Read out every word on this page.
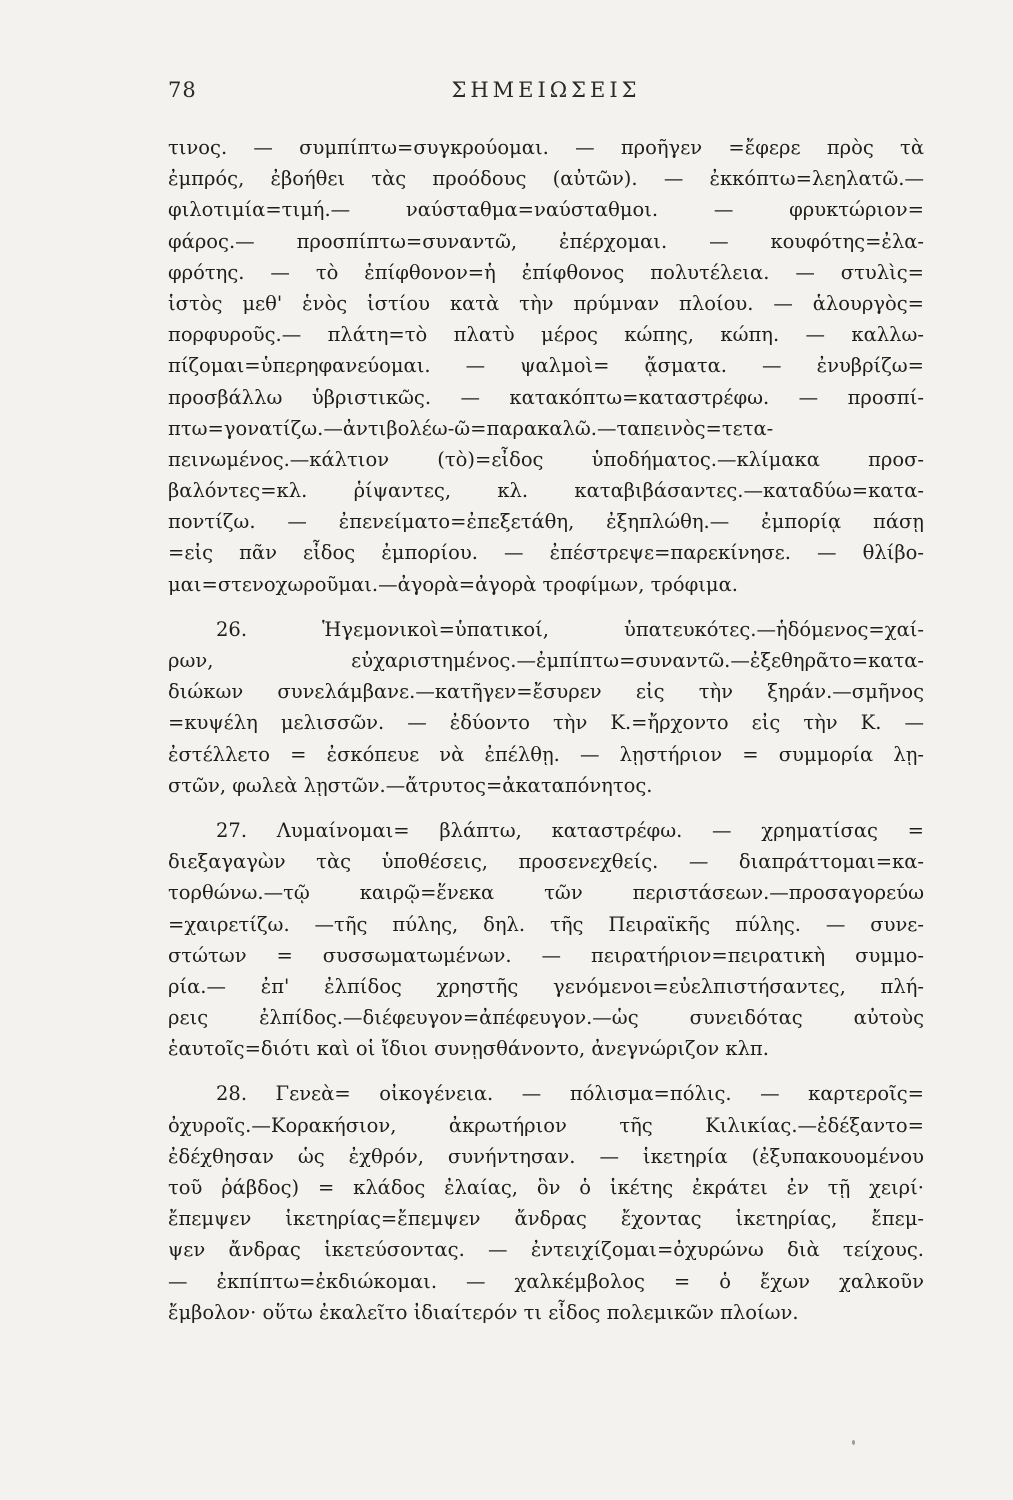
78	ΣΗΜΕΙΩΣΕΙΣ
τινος. — συμπίπτω=συγκρούομαι. — προῆγεν =ἔφερε πρὸς τὰ
ἐμπρός, ἐβοήθει τὰς προόδους (αὐτῶν). — ἐκκόπτω=λεηλατῶ.—
φιλοτιμία=τιμή.— ναύσταθμα=ναύσταθμοι. — φρυκτώριον=
φάρος.— προσπίπτω=συναντῶ, ἐπέρχομαι. — κουφότης=ἐλα-
φρότης. — τὸ ἐπίφθονον=ἡ ἐπίφθονος πολυτέλεια. — στυλὶς=
ἱστὸς μεθ' ἑνὸς ἱστίου κατὰ τὴν πρύμναν πλοίου. — ἁλουργὸς=
πορφυροῦς.— πλάτη=τὸ πλατὺ μέρος κώπης, κώπη. — καλλω-
πίζομαι=ὑπερηφανεύομαι. — ψαλμοὶ= ᾄσματα. — ἐνυβρίζω=
προσβάλλω ὑβριστικῶς. — κατακόπτω=καταστρέφω. — προσπί-
πτω=γονατίζω.—ἀντιβολέω-ῶ=παρακαλῶ.—ταπεινὸς=τετα-
πεινωμένος.—κάλτιον (τὸ)=εἶδος ὑποδήματος.—κλίμακα προσ-
βαλόντες=κλ. ῥίψαντες, κλ. καταβιβάσαντες.—καταδύω=κατα-
ποντίζω. — ἐπενείματο=ἐπεξετάθη, ἐξηπλώθη.— ἐμπορίᾳ πάσῃ
=εἰς πᾶν εἶδος ἐμπορίου. — ἐπέστρεψε=παρεκίνησε. — θλίβο-
μαι=στενοχωροῦμαι.—ἀγορὰ=ἀγορὰ τροφίμων, τρόφιμα.
26. Ἡγεμονικοὶ=ὑπατικοί, ὑπατευκότες.—ἡδόμενος=χαί-
ρων, εὐχαριστημένος.—ἐμπίπτω=συναντῶ.—ἐξεθηρᾶτο=κατα-
διώκων συνελάμβανε.—κατῆγεν=ἔσυρεν εἰς τὴν ξηράν.—σμῆνος
=κυψέλη μελισσῶν. — ἐδύοντο τὴν Κ.=ἤρχοντο εἰς τὴν Κ. —
ἐστέλλετο = ἐσκόπευε νὰ ἐπέλθῃ. — λῃστήριον = συμμορία λῃ-
στῶν, φωλεὰ λῃστῶν.—ἄτρυτος=ἀκαταπόνητος.
27. Λυμαίνομαι= βλάπτω, καταστρέφω. — χρηματίσας =
διεξαγαγὼν τὰς ὑποθέσεις, προσενεχθείς. — διαπράττομαι=κα-
τορθώνω.—τῷ καιρῷ=ἕνεκα τῶν περιστάσεων.—προσαγορεύω
=χαιρετίζω. —τῆς πύλης, δηλ. τῆς Πειραϊκῆς πύλης. — συνε-
στώτων = συσσωματωμένων. — πειρατήριον=πειρατικὴ συμμο-
ρία.— ἐπ' ἐλπίδος χρηστῆς γενόμενοι=εὐελπιστήσαντες, πλή-
ρεις ἐλπίδος.—διέφευγον=ἀπέφευγον.—ὡς συνειδότας αὐτοὺς
ἑαυτοῖς=διότι καὶ οἱ ἴδιοι συνῃσθάνοντο, ἀνεγνώριζον κλπ.
28. Γενεὰ= οἰκογένεια. — πόλισμα=πόλις. — καρτεροῖς=
ὀχυροῖς.—Κορακήσιον, ἀκρωτήριον τῆς Κιλικίας.—ἐδέξαντο=
ἐδέχθησαν ὡς ἐχθρόν, συνήντησαν. — ἱκετηρία (ἐξυπακουομένου
τοῦ ῥάβδος) = κλάδος ἐλαίας, ὃν ὁ ἱκέτης ἐκράτει ἐν τῇ χειρί·
ἔπεμψεν ἱκετηρίας=ἔπεμψεν ἄνδρας ἔχοντας ἱκετηρίας, ἔπεμ-
ψεν ἄνδρας ἱκετεύσοντας. — ἐντειχίζομαι=ὀχυρώνω διὰ τείχους.
— ἐκπίπτω=ἐκδιώκομαι. — χαλκέμβολος = ὁ ἔχων χαλκοῦν
ἔμβολον· οὕτω ἐκαλεῖτο ἰδιαίτερόν τι εἶδος πολεμικῶν πλοίων.
